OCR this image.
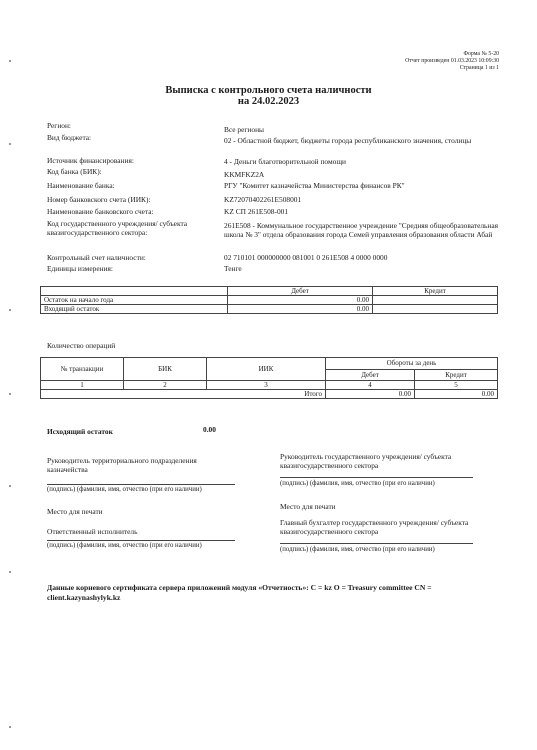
Форма № 5-20
Отчет произведен 01.03.2023 10:09:30
Страница 1 из 1
Выписка с контрольного счета наличности
на 24.02.2023
Регион:	Все регионы
Вид бюджета:	02 - Областной бюджет, бюджеты города республиканского значения, столицы
Источник финансирования:	4 - Деньги благотворительной помощи
Код банка (БИК):	KKMFKZ2A
Наименование банка:	РГУ "Комитет казначейства Министерства финансов РК"
Номер банковского счета (ИИК):	KZ72070402261E508001
Наименование банковского счета:	KZ СП 261E508-001
Код государственного учреждения/ субъекта квазигосударственного сектора:
261E508 - Коммунальное государственное учреждение "Средняя общеобразовательная школа № 3" отдела образования города Семей управления образования области Абай
Контрольный счет наличности:	02 710101 000000000 081001 0 261E508 4 0000 0000
Единицы измерения:	Тенге
	Дебет	Кредит
Остаток на начало года	0.00	
Входящий остаток	0.00	
Количество операций
№ транзакции	БИК	ИИК	Обороты за день	
			Дебет	Кредит
1	2	3	4	5
Итого			0.00	0.00
Исходящий остаток	0.00
Руководитель территориального подразделения казначейства
(подпись) (фамилия, имя, отчество (при его наличии)
Место для печати
Ответственный исполнитель
(подпись) (фамилия, имя, отчество (при его наличии)
Руководитель государственного учреждения/ субъекта квазигосударственного сектора
(подпись) (фамилия, имя, отчество (при его наличии)
Место для печати
Главный бухгалтер государственного учреждения/ субъекта квазигосударственного сектора
(подпись) (фамилия, имя, отчество (при его наличии)
Данные корневого сертификата сервера приложений модуля «Отчетность»: C = kz O = Treasury committee CN = client.kazynashylyk.kz
